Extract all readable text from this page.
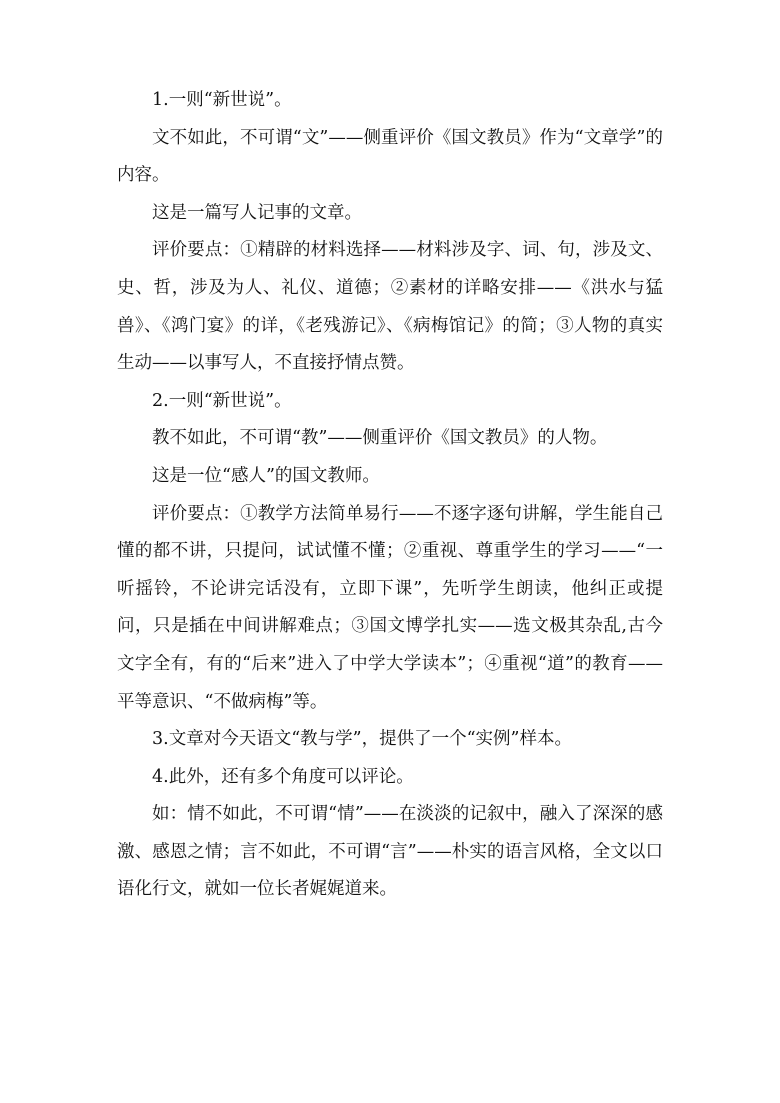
1.一则“新世说”。

文不如此，不可谓“文”——侧重评价《国文教员》作为“文章学”的内容。

这是一篇写人记事的文章。

评价要点：①精辟的材料选择——材料涉及字、词、句，涉及文、史、哲，涉及为人、礼仪、道德；②素材的详略安排——《洪水与猛兽》、《鸿门宴》的详，《老残游记》、《病梅馆记》的简；③人物的真实生动——以事写人，不直接抒情点赞。

2.一则“新世说”。

教不如此，不可谓“教”——侧重评价《国文教员》的人物。

这是一位“感人”的国文教师。

评价要点：①教学方法简单易行——不逐字逐句讲解，学生能自己懂的都不讲，只提问，试试懂不懂；②重视、尊重学生的学习——“一听摇铃，不论讲完话没有，立即下课”，先听学生朗读，他纠正或提问，只是插在中间讲解难点；③国文博学扎实——选文极其杂乱,古今文字全有，有的“后来”进入了中学大学读本”；④重视“道”的教育——平等意识、“不做病梅”等。

3.文章对今天语文“教与学”，提供了一个“实例”样本。

4.此外，还有多个角度可以评论。

如：情不如此，不可谓“情”——在淡淡的记叙中，融入了深深的感激、感恩之情；言不如此，不可谓“言”——朴实的语言风格，全文以口语化行文，就如一位长者娓娓道来。
